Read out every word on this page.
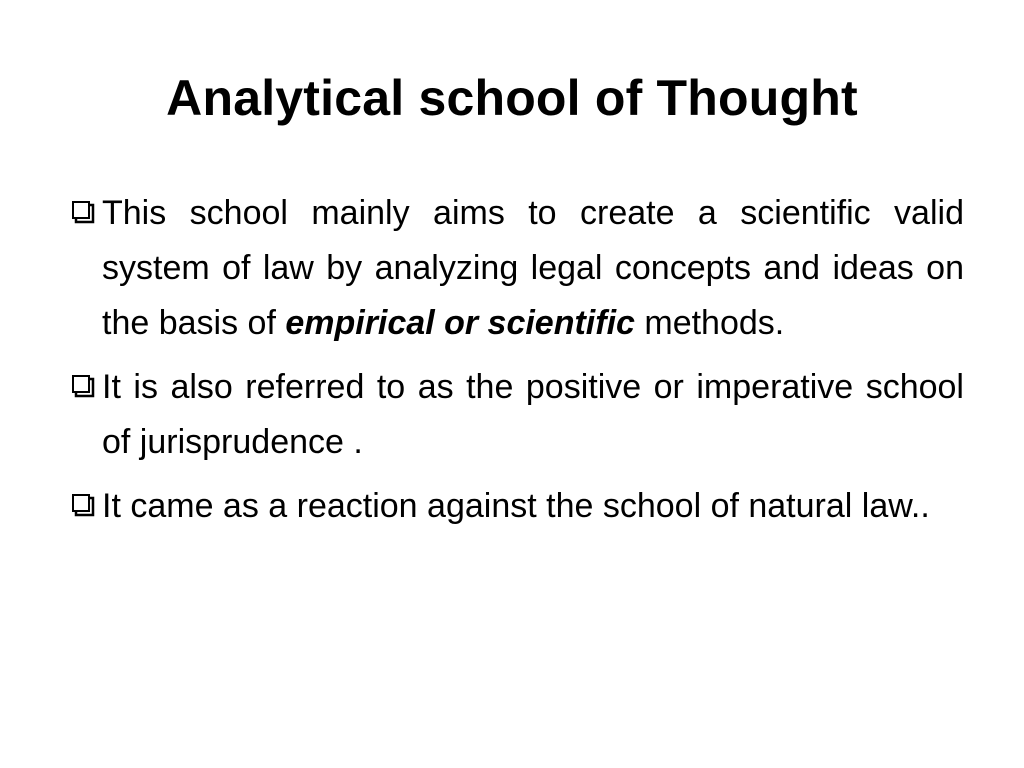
Analytical school of Thought
This school mainly aims to create a scientific valid system of law by analyzing legal concepts and ideas on the basis of empirical or scientific methods.
It is also referred to as the positive or imperative school of jurisprudence .
It came as a reaction against the school of natural law..
